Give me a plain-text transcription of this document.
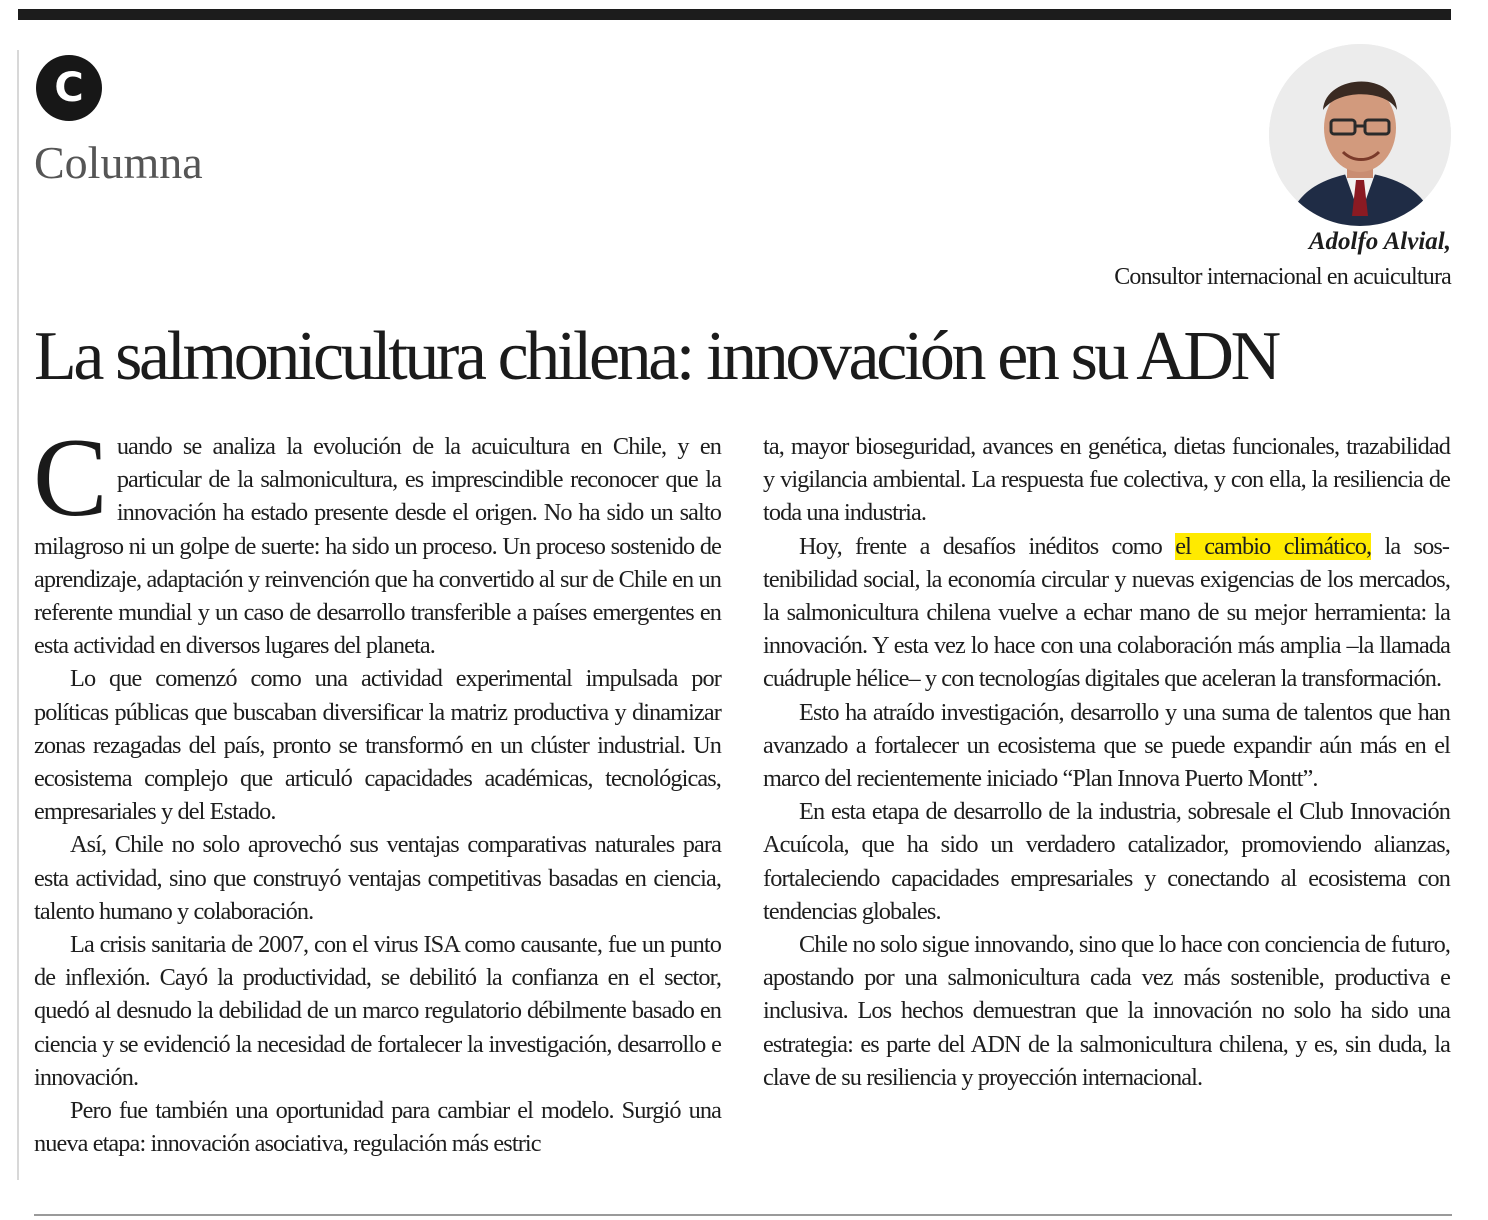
C
Columna
Adolfo Alvial,
Consultor internacional en acuicultura
La salmonicultura chilena: innovación en su ADN

Cuando se analiza la evolución de la acuicultura en Chile, y en particular de la salmonicultura, es imprescindible reconocer que la innovación ha estado presente desde el origen. No ha sido un salto milagroso ni un golpe de suerte: ha sido un proceso. Un proceso sostenido de aprendizaje, adaptación y reinvención que ha convertido al sur de Chile en un referente mundial y un caso de desarrollo transferible a países emergentes en esta actividad en diversos lugares del planeta.

Lo que comenzó como una actividad experimental impulsada por políticas públicas que buscaban diversificar la matriz productiva y dinamizar zonas rezagadas del país, pronto se transformó en un clúster industrial. Un ecosistema complejo que articuló capacidades académicas, tecnológicas, empresariales y del Estado.

Así, Chile no solo aprovechó sus ventajas comparativas naturales para esta actividad, sino que construyó ventajas competitivas basadas en ciencia, talento humano y colaboración.

La crisis sanitaria de 2007, con el virus ISA como causante, fue un punto de inflexión. Cayó la productividad, se debilitó la confianza en el sector, quedó al desnudo la debilidad de un marco regulatorio débilmente basado en ciencia y se evidenció la necesidad de fortalecer la investigación, desarrollo e innovación.

Pero fue también una oportunidad para cambiar el modelo. Surgió una nueva etapa: innovación asociativa, regulación más estric

ta, mayor bioseguridad, avances en genética, dietas funcionales, trazabilidad y vigilancia ambiental. La respuesta fue colectiva, y con ella, la resiliencia de toda una industria.

Hoy, frente a desafíos inéditos como el cambio climático, la sostenibilidad social, la economía circular y nuevas exigencias de los mercados, la salmonicultura chilena vuelve a echar mano de su mejor herramienta: la innovación. Y esta vez lo hace con una colaboración más amplia –la llamada cuádruple hélice– y con tecnologías digitales que aceleran la transformación.

Esto ha atraído investigación, desarrollo y una suma de talentos que han avanzado a fortalecer un ecosistema que se puede expandir aún más en el marco del recientemente iniciado “Plan Innova Puerto Montt”.

En esta etapa de desarrollo de la industria, sobresale el Club Innovación Acuícola, que ha sido un verdadero catalizador, promoviendo alianzas, fortaleciendo capacidades empresariales y conectando al ecosistema con tendencias globales.

Chile no solo sigue innovando, sino que lo hace con conciencia de futuro, apostando por una salmonicultura cada vez más sostenible, productiva e inclusiva. Los hechos demuestran que la innovación no solo ha sido una estrategia: es parte del ADN de la salmonicultura chilena, y es, sin duda, la clave de su resiliencia y proyección internacional.
